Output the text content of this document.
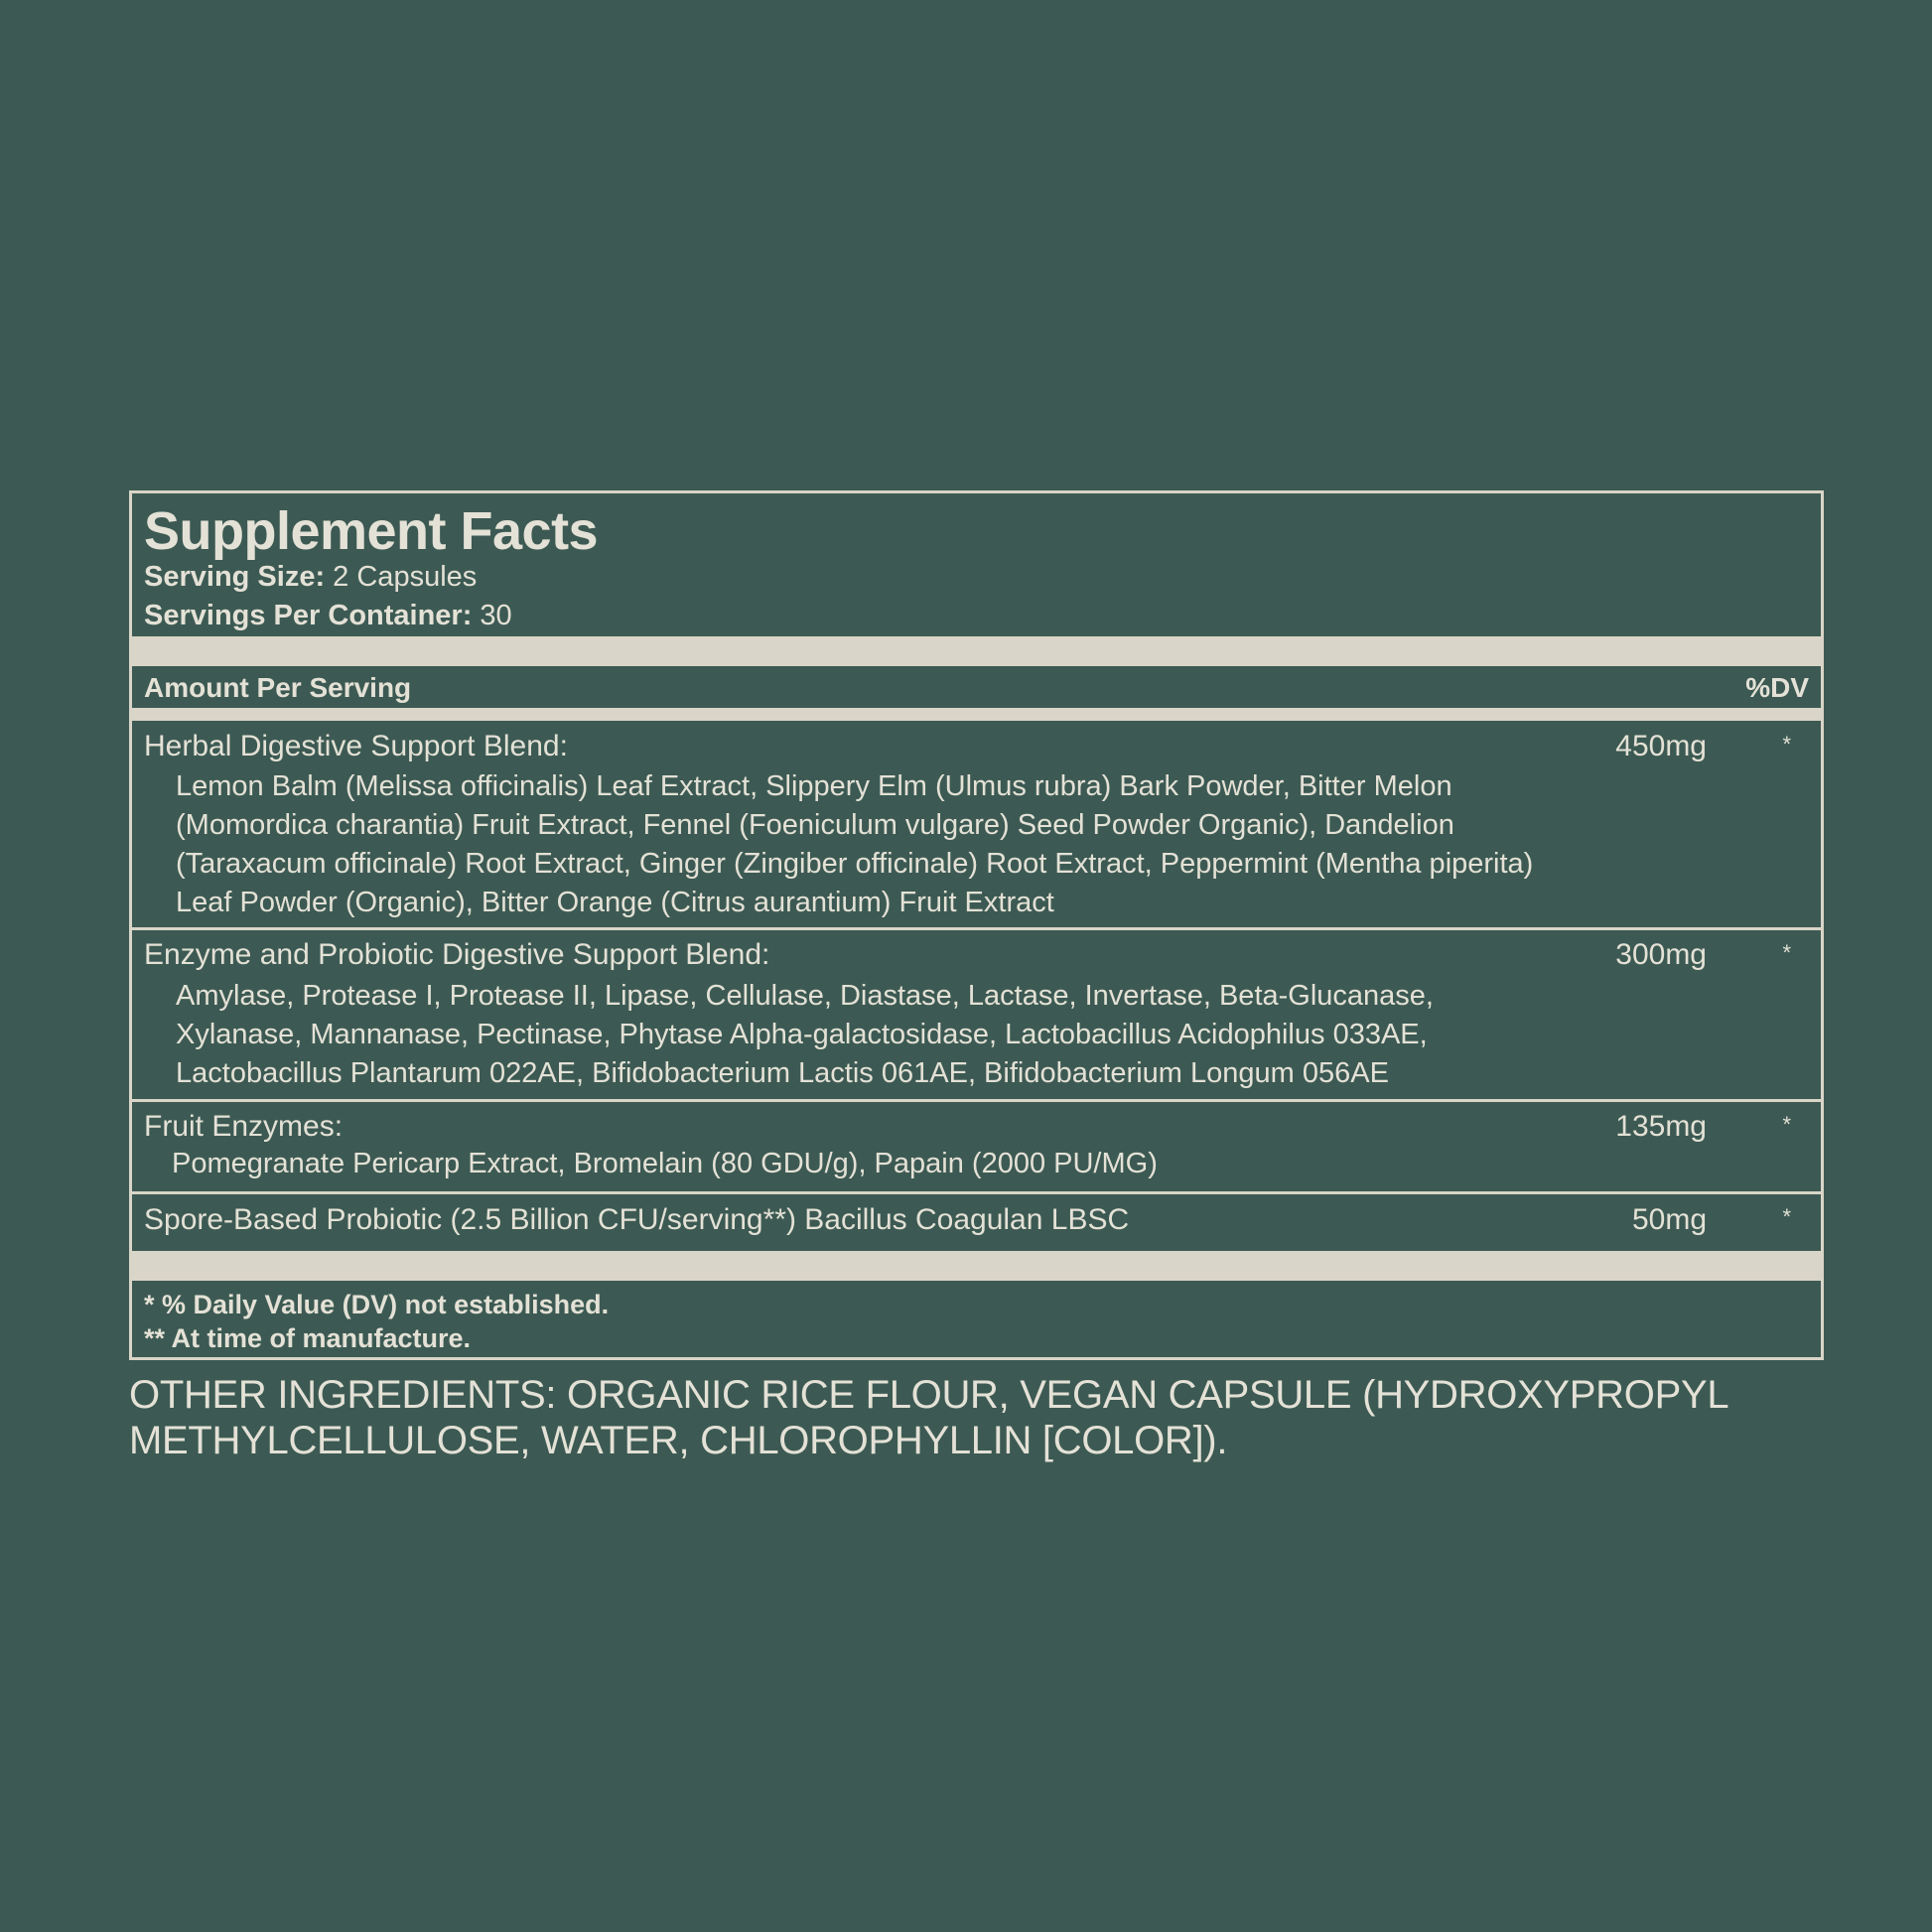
Supplement Facts
Serving Size: 2 Capsules
Servings Per Container: 30
Amount Per Serving	%DV
Herbal Digestive Support Blend:	450mg	*
Lemon Balm (Melissa officinalis) Leaf Extract, Slippery Elm (Ulmus rubra) Bark Powder, Bitter Melon (Momordica charantia) Fruit Extract, Fennel (Foeniculum vulgare) Seed Powder Organic), Dandelion (Taraxacum officinale) Root Extract, Ginger (Zingiber officinale) Root Extract, Peppermint (Mentha piperita) Leaf Powder (Organic), Bitter Orange (Citrus aurantium) Fruit Extract
Enzyme and Probiotic Digestive Support Blend:	300mg	*
Amylase, Protease I, Protease II, Lipase, Cellulase, Diastase, Lactase, Invertase, Beta-Glucanase, Xylanase, Mannanase, Pectinase, Phytase Alpha-galactosidase, Lactobacillus Acidophilus 033AE, Lactobacillus Plantarum 022AE, Bifidobacterium Lactis 061AE, Bifidobacterium Longum 056AE
Fruit Enzymes:	135mg	*
Pomegranate Pericarp Extract, Bromelain (80 GDU/g), Papain (2000 PU/MG)
Spore-Based Probiotic (2.5 Billion CFU/serving**) Bacillus Coagulan LBSC	50mg	*
* % Daily Value (DV) not established.
** At time of manufacture.
OTHER INGREDIENTS: ORGANIC RICE FLOUR, VEGAN CAPSULE (HYDROXYPROPYL METHYLCELLULOSE, WATER, CHLOROPHYLLIN [COLOR]).
